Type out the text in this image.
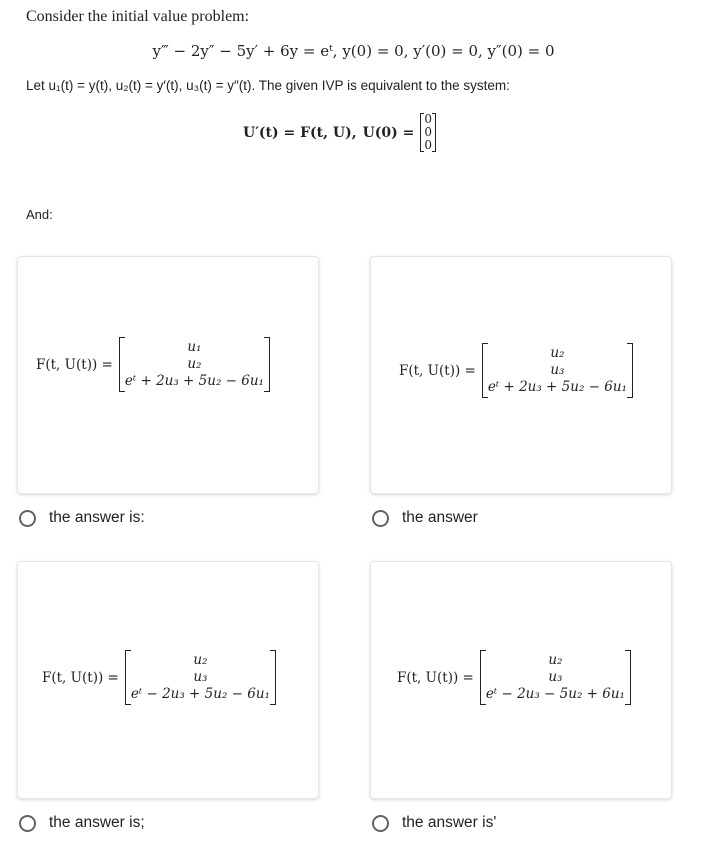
Consider the initial value problem:
y‴ − 2y″ − 5y′ + 6y = eᵗ, y(0) = 0, y′(0) = 0, y″(0) = 0
Let u₁(t) = y(t), u₂(t) = y′(t), u₃(t) = y″(t). The given IVP is equivalent to the system:
U′(t) = F(t, U), U(0) =
0
0
0
And:
F(t, U(t)) =
u₁
u₂
eᵗ + 2u₃ + 5u₂ − 6u₁
the answer is:
F(t, U(t)) =
u₂
u₃
eᵗ + 2u₃ + 5u₂ − 6u₁
the answer
F(t, U(t)) =
u₂
u₃
eᵗ − 2u₃ + 5u₂ − 6u₁
the answer is;
F(t, U(t)) =
u₂
u₃
eᵗ − 2u₃ − 5u₂ + 6u₁
the answer is'
